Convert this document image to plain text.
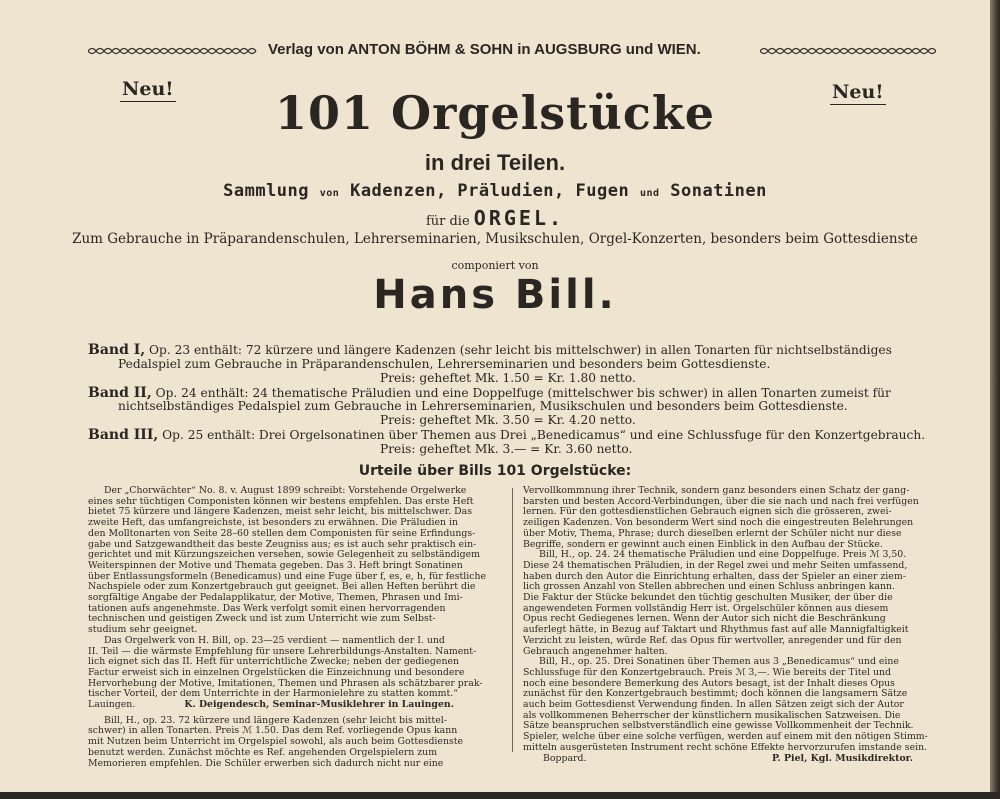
Verlag von ANTON BÖHM & SOHN in AUGSBURG und WIEN.
Neu!	Neu!
101 Orgelstücke
in drei Teilen.
Sammlung von Kadenzen, Präludien, Fugen und Sonatinen
für die ORGEL.
Zum Gebrauche in Präparandenschulen, Lehrerseminarien, Musikschulen, Orgel-Konzerten, besonders beim Gottesdienste
componiert von
Hans Bill.
Band I, Op. 23 enthält: 72 kürzere und längere Kadenzen (sehr leicht bis mittelschwer) in allen Tonarten für nichtselbständiges
Pedalspiel zum Gebrauche in Präparandenschulen, Lehrerseminarien und besonders beim Gottesdienste.
Preis: geheftet Mk. 1.50 = Kr. 1.80 netto.
Band II, Op. 24 enthält: 24 thematische Präludien und eine Doppelfuge (mittelschwer bis schwer) in allen Tonarten zumeist für
nichtselbständiges Pedalspiel zum Gebrauche in Lehrerseminarien, Musikschulen und besonders beim Gottesdienste.
Preis: geheftet Mk. 3.50 = Kr. 4.20 netto.
Band III, Op. 25 enthält: Drei Orgelsonatinen über Themen aus Drei „Benedicamus“ und eine Schlussfuge für den Konzertgebrauch.
Preis: geheftet Mk. 3.— = Kr. 3.60 netto.
Urteile über Bills 101 Orgelstücke:

Der „Chorwächter“ No. 8. v. August 1899 schreibt: Vorstehende Orgelwerke

eines sehr tüchtigen Componisten können wir bestens empfehlen. Das erste Heft

bietet 75 kürzere und längere Kadenzen, meist sehr leicht, bis mittelschwer. Das

zweite Heft, das umfangreichste, ist besonders zu erwähnen. Die Präludien in

den Molltonarten von Seite 28–60 stellen dem Componisten für seine Erfindungs-

gabe und Satzgewandtheit das beste Zeugniss aus; es ist auch sehr praktisch ein-

gerichtet und mit Kürzungszeichen versehen, sowie Gelegenheit zu selbständigem

Weiterspinnen der Motive und Themata gegeben. Das 3. Heft bringt Sonatinen

über Entlassungsformeln (Benedicamus) und eine Fuge über f, es, e, h, für festliche

Nachspiele oder zum Konzertgebrauch gut geeignet. Bei allen Heften berührt die

sorgfältige Angabe der Pedalapplikatur, der Motive, Themen, Phrasen und Imi-

tationen aufs angenehmste. Das Werk verfolgt somit einen hervorragenden

technischen und geistigen Zweck und ist zum Unterricht wie zum Selbst-

studium sehr geeignet.

Das Orgelwerk von H. Bill, op. 23—25 verdient — namentlich der I. und

II. Teil — die wärmste Empfehlung für unsere Lehrerbildungs-Anstalten. Nament-

lich eignet sich das II. Heft für unterrichtliche Zwecke; neben der gediegenen

Factur erweist sich in einzelnen Orgelstücken die Einzeichnung und besondere

Hervorhebung der Motive, Imitationen, Themen und Phrasen als schätzbarer prak-

tischer Vorteil, der dem Unterrichte in der Harmonielehre zu statten kommt.“

Lauingen.	K. Deigendesch, Seminar-Musiklehrer in Lauingen.

Bill, H., op. 23. 72 kürzere und längere Kadenzen (sehr leicht bis mittel-

schwer) in allen Tonarten. Preis ℳ 1.50. Das dem Ref. vorliegende Opus kann

mit Nutzen beim Unterricht im Orgelspiel sowohl, als auch beim Gottesdienste

benutzt werden. Zunächst möchte es Ref. angehenden Orgelspielern zum

Memorieren empfehlen. Die Schüler erwerben sich dadurch nicht nur eine

Vervollkommnung ihrer Technik, sondern ganz besonders einen Schatz der gang-

barsten und besten Accord-Verbindungen, über die sie nach und nach frei verfügen

lernen. Für den gottesdienstlichen Gebrauch eignen sich die grösseren, zwei-

zeiligen Kadenzen. Von besonderm Wert sind noch die eingestreuten Belehrungen

über Motiv, Thema, Phrase; durch dieselben erlernt der Schüler nicht nur diese

Begriffe, sondern er gewinnt auch einen Einblick in den Aufbau der Stücke.

Bill, H., op. 24. 24 thematische Präludien und eine Doppelfuge. Preis ℳ 3,50.

Diese 24 thematischen Präludien, in der Regel zwei und mehr Seiten umfassend,

haben durch den Autor die Einrichtung erhalten, dass der Spieler an einer ziem-

lich grossen Anzahl von Stellen abbrechen und einen Schluss anbringen kann.

Die Faktur der Stücke bekundet den tüchtig geschulten Musiker, der über die

angewendeten Formen vollständig Herr ist. Orgelschüler können aus diesem

Opus recht Gediegenes lernen. Wenn der Autor sich nicht die Beschränkung

auferlegt hätte, in Bezug auf Taktart und Rhythmus fast auf alle Mannigfaltigkeit

Verzicht zu leisten, würde Ref. das Opus für wertvoller, anregender und für den

Gebrauch angenehmer halten.

Bill, H., op. 25. Drei Sonatinen über Themen aus 3 „Benedicamus“ und eine

Schlussfuge für den Konzertgebrauch. Preis ℳ 3,—. Wie bereits der Titel und

noch eine besondere Bemerkung des Autors besagt, ist der Inhalt dieses Opus

zunächst für den Konzertgebrauch bestimmt; doch können die langsamern Sätze

auch beim Gottesdienst Verwendung finden. In allen Sätzen zeigt sich der Autor

als vollkommenen Beherrscher der künstlichern musikalischen Satzweisen. Die

Sätze beanspruchen selbstverständlich eine gewisse Vollkommenheit der Technik.

Spieler, welche über eine solche verfügen, werden auf einem mit den nötigen Stimm-

mitteln ausgerüsteten Instrument recht schöne Effekte hervorzurufen imstande sein.

Boppard.	P. Piel, Kgl. Musikdirektor.
